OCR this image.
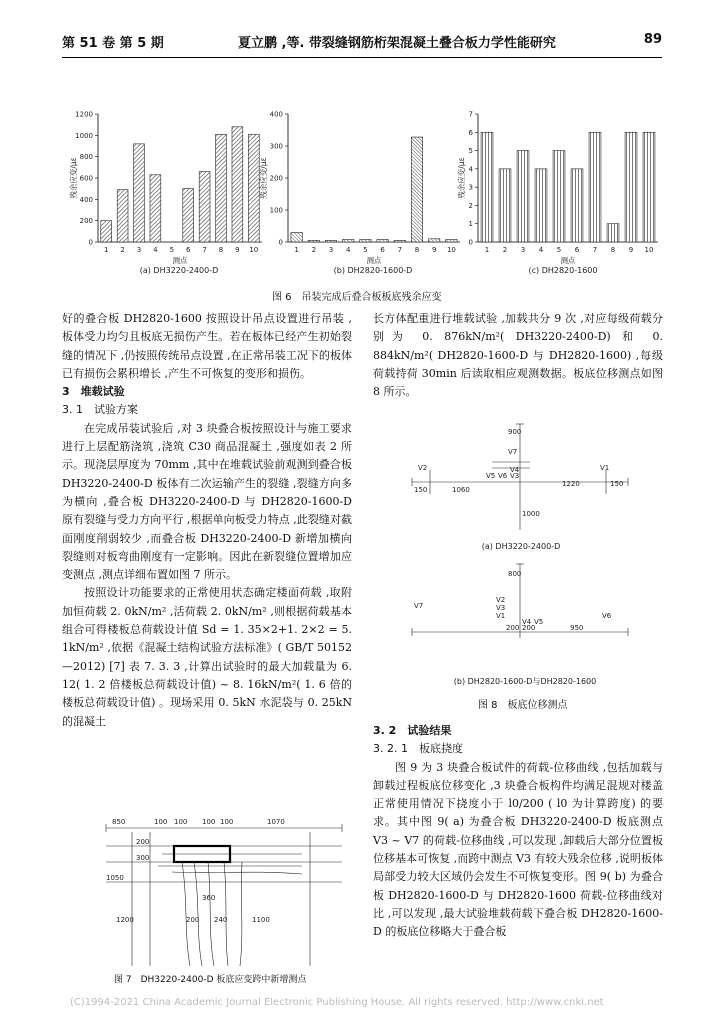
第 51 卷 第 5 期	夏立鹏 ,等. 带裂缝钢筋桁架混凝土叠合板力学性能研究	89
0
200
400
600
800
1000
1200
1 2 3 4 5 6 7 8 9 10
测点
残余应变/με
0
100
200
300
400
1 2 3 4 5 6 7 8 9 10
测点
残余应变/με
0
1
2
3
4
5
6
7
1 2 3 4 5 6 7 8 9 10
测点
残余应变/με
(a) DH3220-2400-D	(b) DH2820-1600-D	(c) DH2820-1600
图 6　吊装完成后叠合板板底残余应变

好的叠合板 DH2820-1600 按照设计吊点设置进行吊装 ,板体受力均匀且板底无损伤产生。若在板体已经产生初始裂缝的情况下 ,仍按照传统吊点设置 ,在正常吊装工况下的板体已有损伤会累积增长 ,产生不可恢复的变形和损伤。

3　堆载试验

3. 1　试验方案

在完成吊装试验后 ,对 3 块叠合板按照设计与施工要求进行上层配筋浇筑 ,浇筑 C30 商品混凝土 ,强度如表 2 所示。现浇层厚度为 70mm ,其中在堆载试验前观测到叠合板 DH3220-2400-D 板体有二次运输产生的裂缝 ,裂缝方向多为横向 ,叠合板 DH3220-2400-D 与 DH2820-1600-D 原有裂缝与受力方向平行 ,根据单向板受力特点 ,此裂缝对截面刚度削弱较少 ,而叠合板 DH3220-2400-D 新增加横向裂缝则对板弯曲刚度有一定影响。因此在新裂缝位置增加应变测点 ,测点详细布置如图 7 所示。

按照设计功能要求的正常使用状态确定楼面荷载 ,取附加恒荷载 2. 0kN/m² ,活荷载 2. 0kN/m² ,则根据荷载基本组合可得楼板总荷载设计值 Sd = 1. 35×2+1. 2×2 = 5. 1kN/m² ,依据《混凝土结构试验方法标准》( GB/T 50152—2012) [7] 表 7. 3. 3 ,计算出试验时的最大加载量为 6. 12( 1. 2 倍楼板总荷载设计值) ~ 8. 16kN/m²( 1. 6 倍的楼板总荷载设计值) 。现场采用 0. 5kN 水泥袋与 0. 25kN 的混凝土

850	100 100 100 100	1070
200
300
1050
1200
360
200 240	1100
图 7　DH3220-2400-D 板底应变跨中新增测点

长方体配重进行堆载试验 ,加载共分 9 次 ,对应每级荷载分别为 0. 876kN/m²( DH3220-2400-D) 和 0. 884kN/m²( DH2820-1600-D 与 DH2820-1600) ,每级荷载持荷 30min 后读取相应观测数据。板底位移测点如图 8 所示。

V7
V2
V5 V6 V3
V4	V1
900
150	1060
1220	150
1000
(a) DH3220-2400-D
V7
V2
V3
V1
V4 V5
V6
800
200 200	950
(b) DH2820-1600-D与DH2820-1600
图 8　板底位移测点

3. 2　试验结果

3. 2. 1　板底挠度

图 9 为 3 块叠合板试件的荷载-位移曲线 ,包括加载与卸载过程板底位移变化 ,3 块叠合板构件均满足混规对楼盖正常使用情况下挠度小于 l0/200 ( l0 为计算跨度) 的要求。其中图 9( a) 为叠合板 DH3220-2400-D 板底测点 V3 ~ V7 的荷载-位移曲线 ,可以发现 ,卸载后大部分位置板位移基本可恢复 ,而跨中测点 V3 有较大残余位移 ,说明板体局部受力较大区域仍会发生不可恢复变形。图 9( b) 为叠合板 DH2820-1600-D 与 DH2820-1600 荷载-位移曲线对比 ,可以发现 ,最大试验堆载荷载下叠合板 DH2820-1600-D 的板底位移略大于叠合板

(C)1994-2021 China Academic Journal Electronic Publishing House. All rights reserved. http://www.cnki.net
